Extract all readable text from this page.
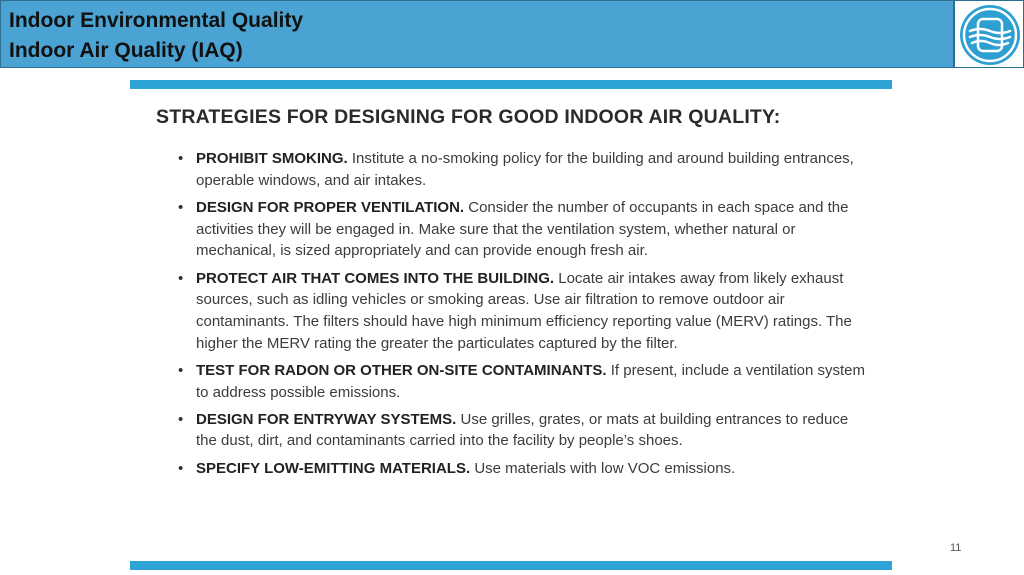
Indoor Environmental Quality
Indoor Air Quality (IAQ)
STRATEGIES FOR DESIGNING FOR GOOD INDOOR AIR QUALITY:
• PROHIBIT SMOKING. Institute a no-smoking policy for the building and around building entrances, operable windows, and air intakes.
• DESIGN FOR PROPER VENTILATION. Consider the number of occupants in each space and the activities they will be engaged in. Make sure that the ventilation system, whether natural or mechanical, is sized appropriately and can provide enough fresh air.
• PROTECT AIR THAT COMES INTO THE BUILDING. Locate air intakes away from likely exhaust sources, such as idling vehicles or smoking areas. Use air filtration to remove outdoor air contaminants. The filters should have high minimum efficiency reporting value (MERV) ratings. The higher the MERV rating the greater the particulates captured by the filter.
• TEST FOR RADON OR OTHER ON-SITE CONTAMINANTS. If present, include a ventilation system to address possible emissions.
• DESIGN FOR ENTRYWAY SYSTEMS. Use grilles, grates, or mats at building entrances to reduce the dust, dirt, and contaminants carried into the facility by people’s shoes.
• SPECIFY LOW-EMITTING MATERIALS. Use materials with low VOC emissions.
11
